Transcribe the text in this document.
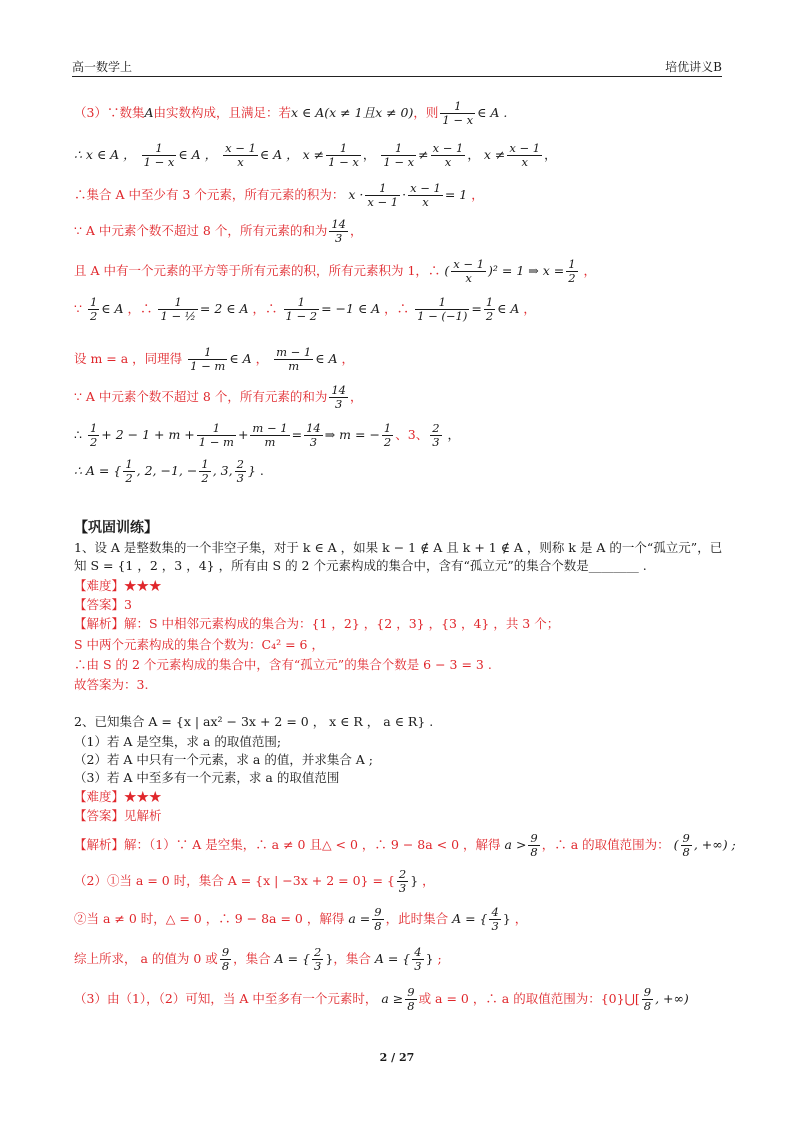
高一数学上	培优讲义B
（3）∵数集A由实数构成，且满足：若x ∈ A(x ≠ 1且x ≠ 0)，则 $\frac{1}{1 - x}$ ∈ A .
∴ x ∈ A ， $\frac{1}{1 - x}$ ∈ A ， $\frac{x - 1}{x}$ ∈ A ， $x \ne \frac{1}{1 - x}$ ， $\frac{1}{1 - x} \ne \frac{x - 1}{x}$ ， $x \ne \frac{x - 1}{x}$ ，
∴集合 A 中至少有 3 个元素，所有元素的积为： $x \cdot \frac{1}{x - 1} \cdot \frac{x - 1}{x} = 1$ ，
∵ A 中元素个数不超过 8 个，所有元素的和为 $\frac{14}{3}$ ，
且 A 中有一个元素的平方等于所有元素的积，所有元素积为 1，∴ ( $\frac{x - 1}{x} )^2 = 1$ ⇒ $x = \frac{1}{2}$ ，
∵ $\frac{1}{2}$ ∈ A ，∴ $\frac{1}{\text{1 − ½}} = 2$ ∈ A ，∴ $\frac{1}{1 - 2} = -1$ ∈ A ，∴ $\frac{1}{1 - (-1)} = \frac{1}{2}$ ∈ A ，
设 m = a ，同理得 $\frac{1}{1 - m}$ ∈ A ， $\frac{m - 1}{m}$ ∈ A ，
∵ A 中元素个数不超过 8 个，所有元素的和为 $\frac{14}{3}$ ，
∴ $\frac{1}{2} + 2 - 1 + m + \frac{1}{1 - m} + \frac{m - 1}{m} = \frac{14}{3}$ ⇒ m = − $\frac{1}{2}$ 、3、 $\frac{2}{3}$ ，
∴ A = { $\frac{1}{2}$ , 2, −1, − $\frac{1}{2}$ , 3, $\frac{2}{3}$ } .
【巩固训练】
1、设 A 是整数集的一个非空子集，对于 k ∈ A ，如果 k − 1 ∉ A 且 k + 1 ∉ A ，则称 k 是 A 的一个“孤立元”，已
知 S = {1 ，2 ，3 ，4} ，所有由 S 的 2 个元素构成的集合中，含有“孤立元”的集合个数是________ .
【难度】★★★
【答案】3
【解析】解：S 中相邻元素构成的集合为：{1 ，2} ，{2 ，3} ，{3 ，4} ，共 3 个；
S 中两个元素构成的集合个数为：C₄² = 6 ，
∴由 S 的 2 个元素构成的集合中，含有“孤立元”的集合个数是 6 − 3 = 3 .
故答案为：3.
2、已知集合 A = {x | ax² − 3x + 2 = 0 ， x ∈ R ， a ∈ R} .
（1）若 A 是空集，求 a 的取值范围;
（2）若 A 中只有一个元素，求 a 的值，并求集合 A ;
（3）若 A 中至多有一个元素，求 a 的取值范围
【难度】★★★
【答案】见解析
【解析】解：（1）∵ A 是空集，∴ a ≠ 0 且△ < 0 ，∴ 9 − 8a < 0 ，解得 $a > \frac{9}{8}$ ，∴ a 的取值范围为： ( $\frac{9}{8}$ , +∞) ;
（2）①当 a = 0 时，集合 A = {x | −3x + 2 = 0} = { $\frac{2}{3}$ } ，
②当 a ≠ 0 时，△ = 0 ，∴ 9 − 8a = 0 ，解得 $a = \frac{9}{8}$ ，此时集合 A = { $\frac{4}{3}$ } ，
综上所求， a 的值为 0 或 $\frac{9}{8}$ ，集合 A = { $\frac{2}{3}$ }，集合 A = { $\frac{4}{3}$ } ;
（3）由（1），（2）可知，当 A 中至多有一个元素时， $a \ge \frac{9}{8}$ 或 a = 0 ，∴ a 的取值范围为：{0}⋃[ $\frac{9}{8}$ , +∞)
2 / 27
